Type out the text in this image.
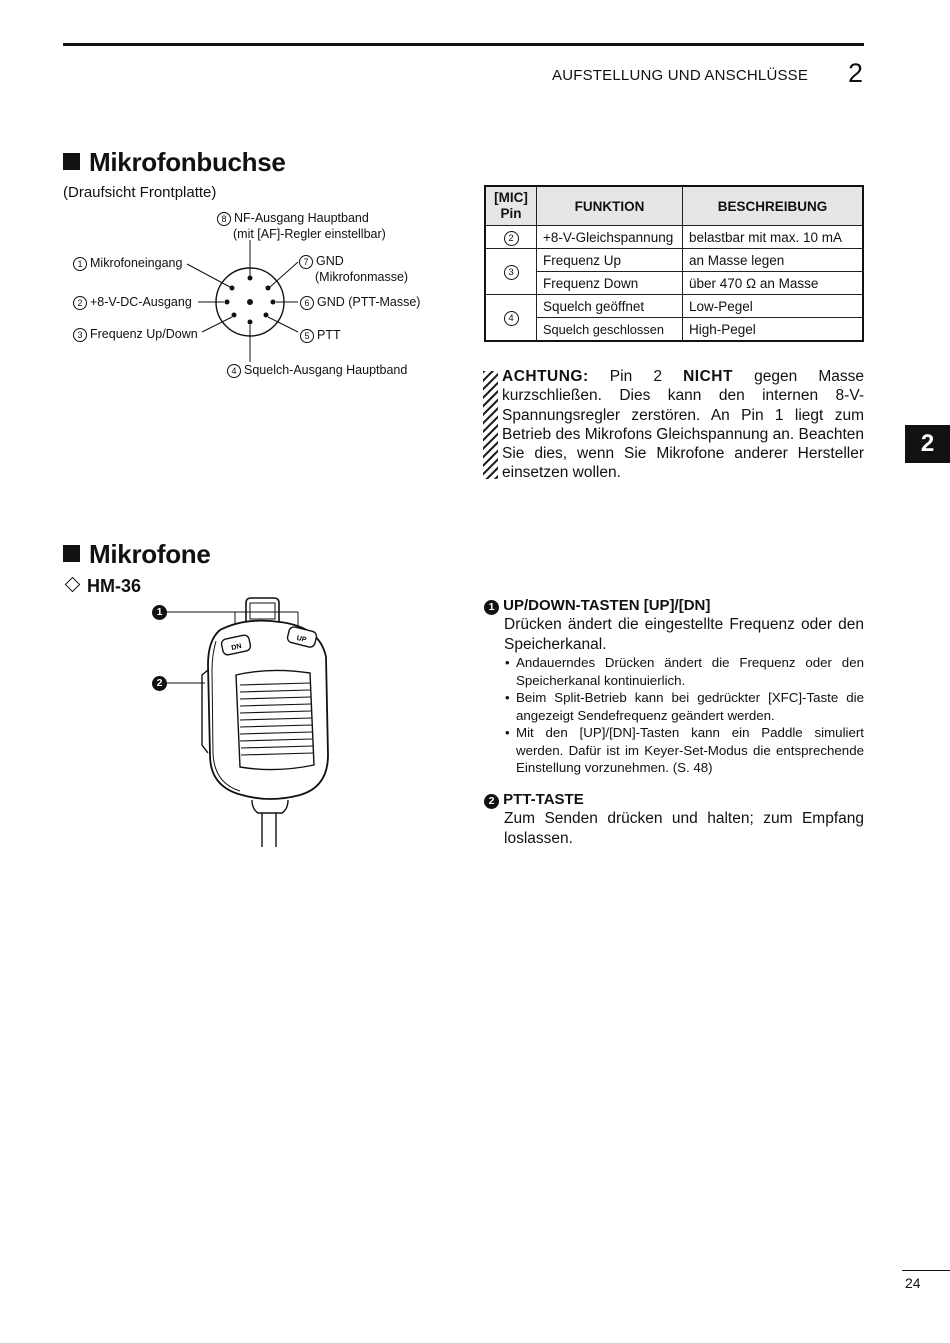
AUFSTELLUNG UND ANSCHLÜSSE 2
Mikrofonbuchse
(Draufsicht Frontplatte)
8 NF-Ausgang Hauptband
(mit [AF]-Regler einstellbar)
1 Mikrofoneingang	7 GND
(Mikrofonmasse)
2 +8-V-DC-Ausgang	6 GND (PTT-Masse)
3 Frequenz Up/Down	5 PTT
4 Squelch-Ausgang Hauptband
[MIC]
Pin	FUNKTION	BESCHREIBUNG
2	+8-V-Gleichspannung	belastbar mit max. 10 mA
3	Frequenz Up	an Masse legen
	Frequenz Down	über 470 Ω an Masse
4	Squelch geöffnet	Low-Pegel
	Squelch geschlossen	High-Pegel
ACHTUNG: Pin 2 NICHT gegen Masse kurzschließen. Dies kann den internen 8-V-Spannungsregler zerstören. An Pin 1 liegt zum Betrieb des Mikrofons Gleichspannung an. Beachten Sie dies, wenn Sie Mikrofone anderer Hersteller einsetzen wollen.
2
Mikrofone
HM-36
DN
UP
1
2
1 UP/DOWN-TASTEN [UP]/[DN]
Drücken ändert die eingestellte Frequenz oder den Speicherkanal.
• Andauerndes Drücken ändert die Frequenz oder den Speicherkanal kontinuierlich.
• Beim Split-Betrieb kann bei gedrückter [XFC]-Taste die angezeigt Sendefrequenz geändert werden.
• Mit den [UP]/[DN]-Tasten kann ein Paddle simuliert werden. Dafür ist im Keyer-Set-Modus die entsprechende Einstellung vorzunehmen. (S. 48)
2 PTT-TASTE
Zum Senden drücken und halten; zum Empfang loslassen.
24
